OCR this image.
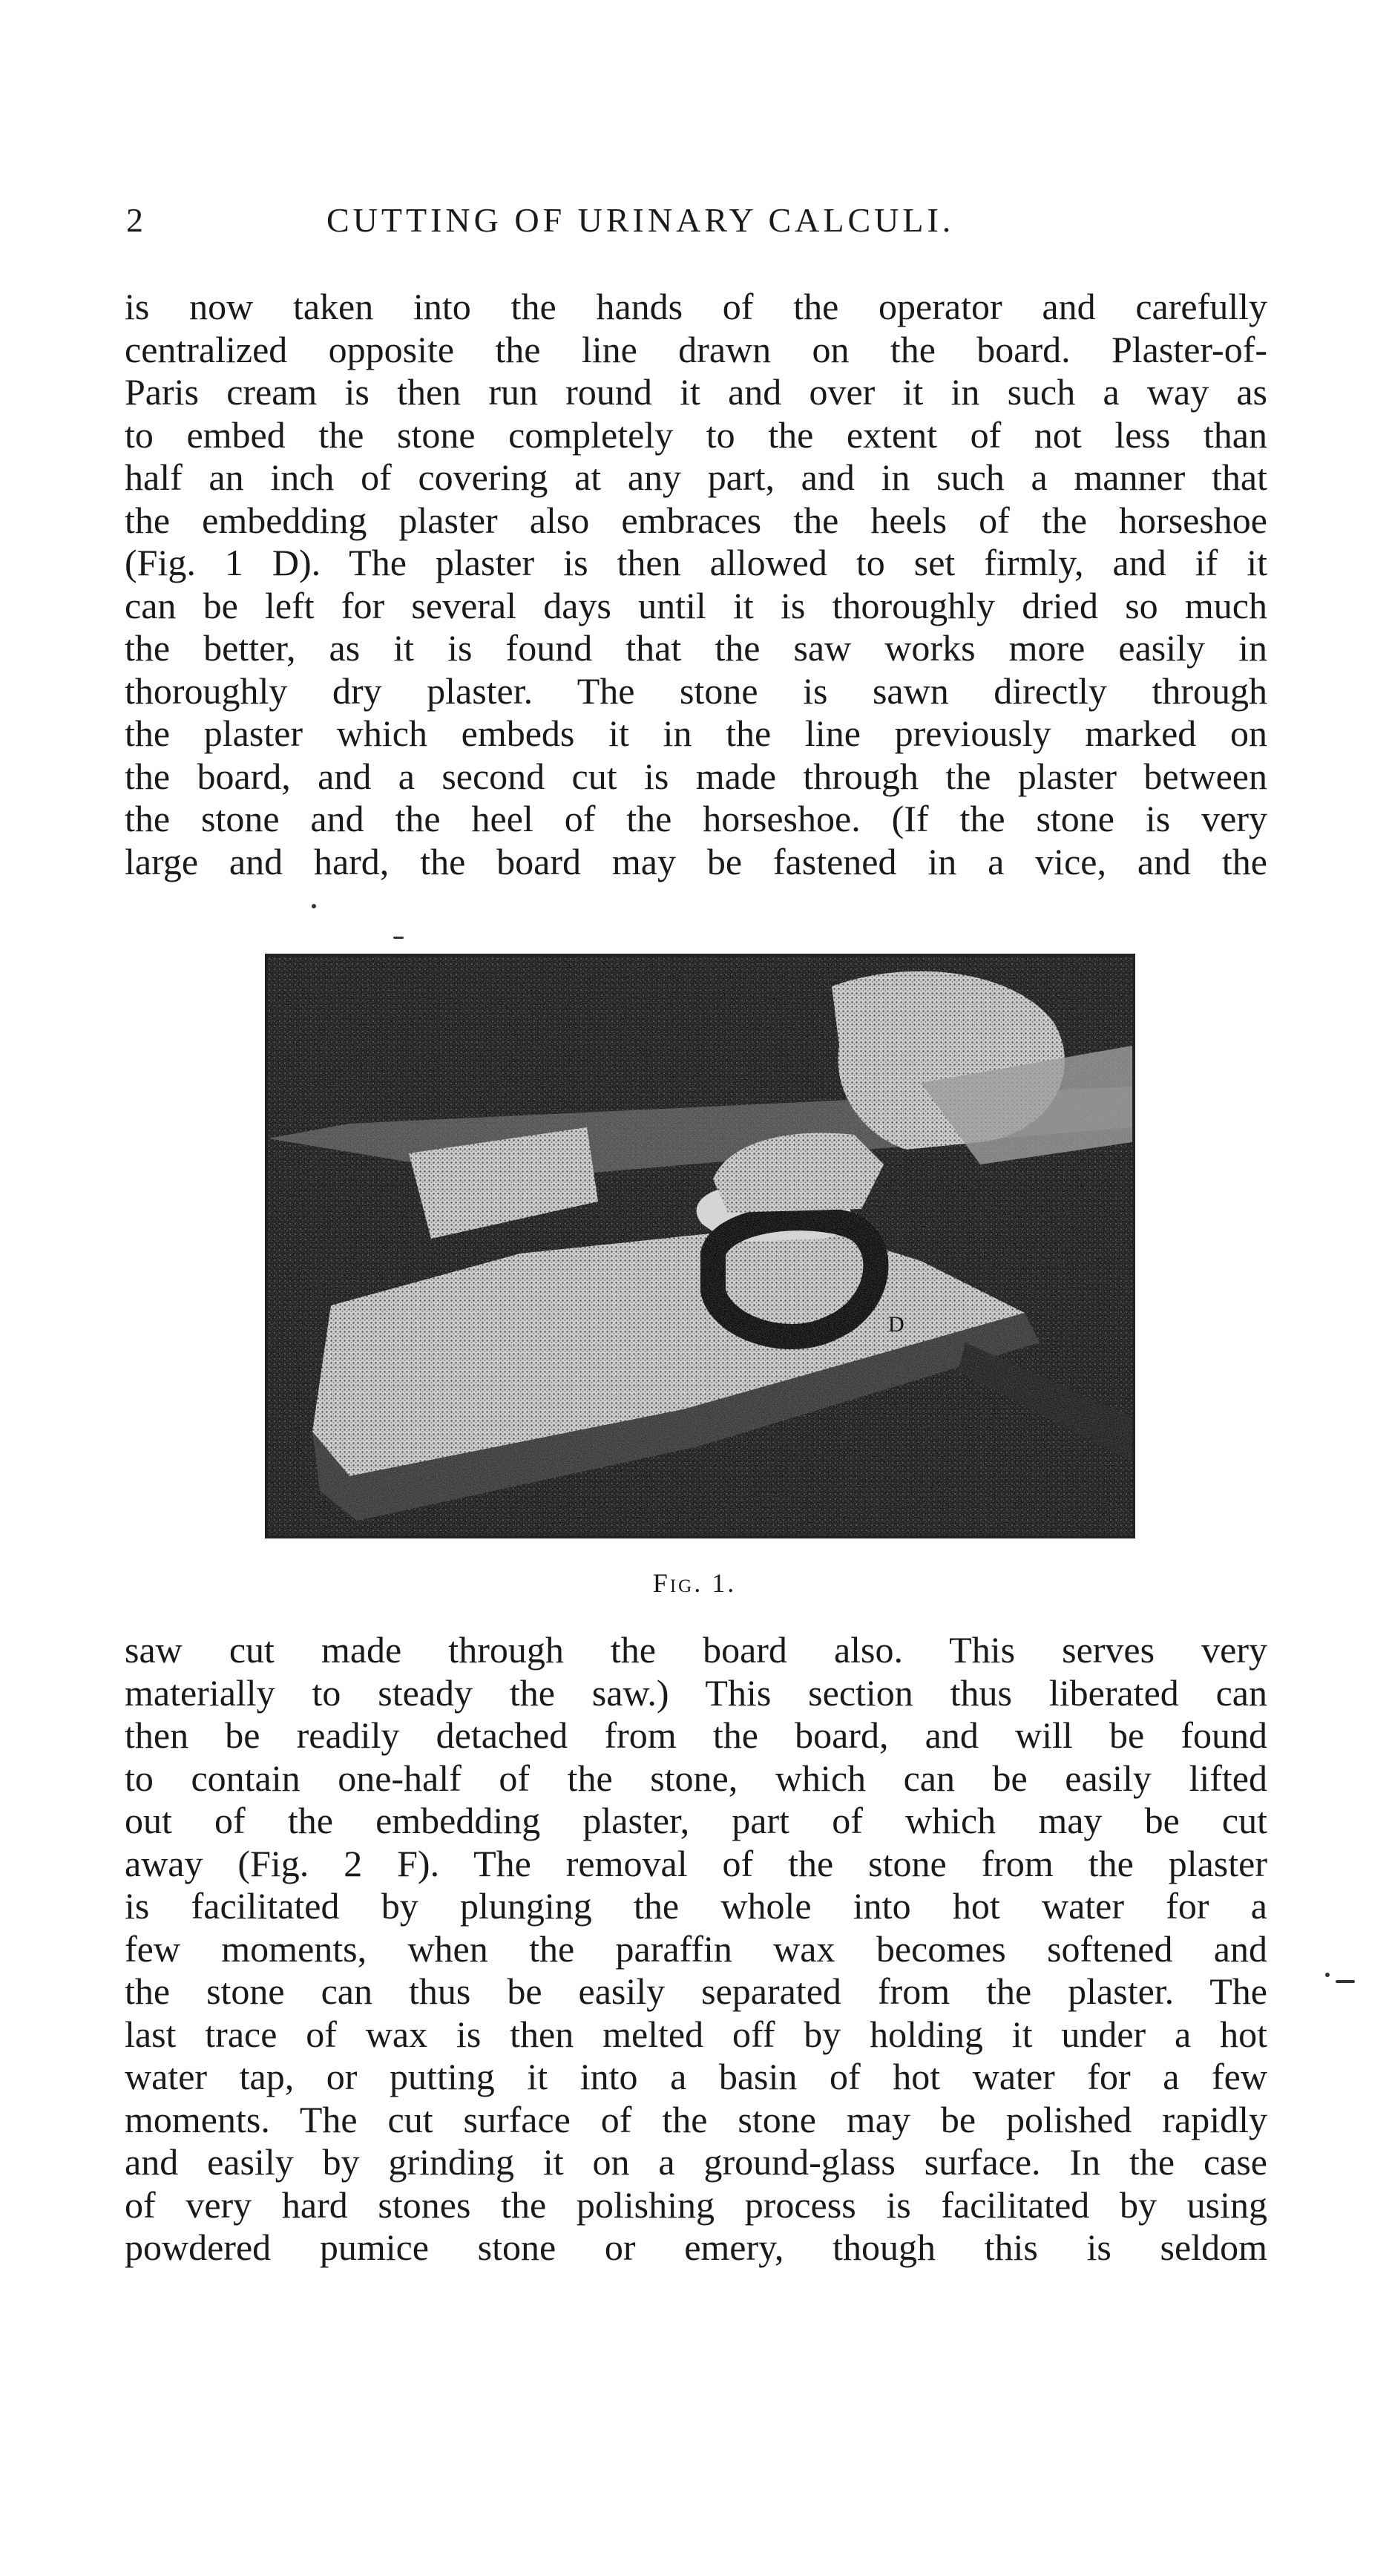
2	CUTTING OF URINARY CALCULI.
is now taken into the hands of the operator and carefully
centralized opposite the line drawn on the board. Plaster-of-
Paris cream is then run round it and over it in such a way as
to embed the stone completely to the extent of not less than
half an inch of covering at any part, and in such a manner that
the embedding plaster also embraces the heels of the horseshoe
(Fig. 1 D). The plaster is then allowed to set firmly, and if it
can be left for several days until it is thoroughly dried so much
the better, as it is found that the saw works more easily in
thoroughly dry plaster. The stone is sawn directly through
the plaster which embeds it in the line previously marked on
the board, and a second cut is made through the plaster between
the stone and the heel of the horseshoe. (If the stone is very
large and hard, the board may be fastened in a vice, and the
D
Fig. 1.
saw cut made through the board also. This serves very
materially to steady the saw.) This section thus liberated can
then be readily detached from the board, and will be found
to contain one-half of the stone, which can be easily lifted
out of the embedding plaster, part of which may be cut
away (Fig. 2 F). The removal of the stone from the plaster
is facilitated by plunging the whole into hot water for a
few moments, when the paraffin wax becomes softened and
the stone can thus be easily separated from the plaster. The
last trace of wax is then melted off by holding it under a hot
water tap, or putting it into a basin of hot water for a few
moments. The cut surface of the stone may be polished rapidly
and easily by grinding it on a ground-glass surface. In the case
of very hard stones the polishing process is facilitated by using
powdered pumice stone or emery, though this is seldom
